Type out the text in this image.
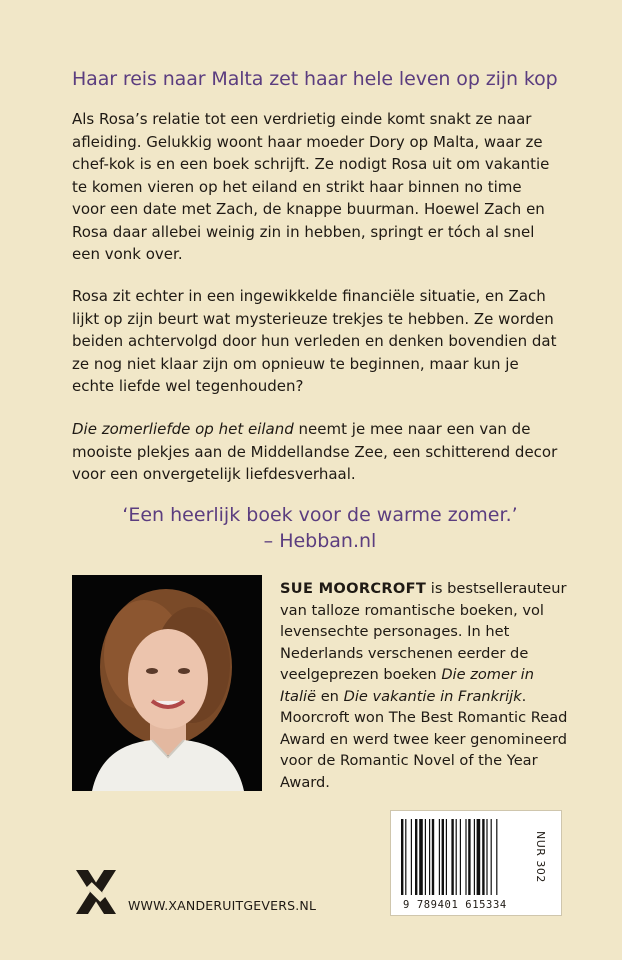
Haar reis naar Malta zet haar hele leven op zijn kop

Als Rosa’s relatie tot een verdrietig einde komt snakt ze naar afleiding. Gelukkig woont haar moeder Dory op Malta, waar ze chef-kok is en een boek schrijft. Ze nodigt Rosa uit om vakantie te komen vieren op het eiland en strikt haar binnen no time voor een date met Zach, de knappe buurman. Hoewel Zach en Rosa daar allebei weinig zin in hebben, springt er tóch al snel een vonk over.

Rosa zit echter in een ingewikkelde financiële situatie, en Zach lijkt op zijn beurt wat mysterieuze trekjes te hebben. Ze worden beiden achtervolgd door hun verleden en denken bovendien dat ze nog niet klaar zijn om opnieuw te beginnen, maar kun je echte liefde wel tegenhouden?

Die zomerliefde op het eiland neemt je mee naar een van de mooiste plekjes aan de Middellandse Zee, een schitterend decor voor een onvergetelijk liefdesverhaal.

‘Een heerlijk boek voor de warme zomer.’
– Hebban.nl

SUE MOORCROFT is bestsellerauteur van talloze romantische boeken, vol levensechte personages. In het Nederlands verschenen eerder de veelgeprezen boeken Die zomer in Italië en Die vakantie in Frankrijk. Moorcroft won The Best Romantic Read Award en werd twee keer genomineerd voor de Romantic Novel of the Year Award.

WWW.XANDERUITGEVERS.NL	9 789401 615334
NUR 302
